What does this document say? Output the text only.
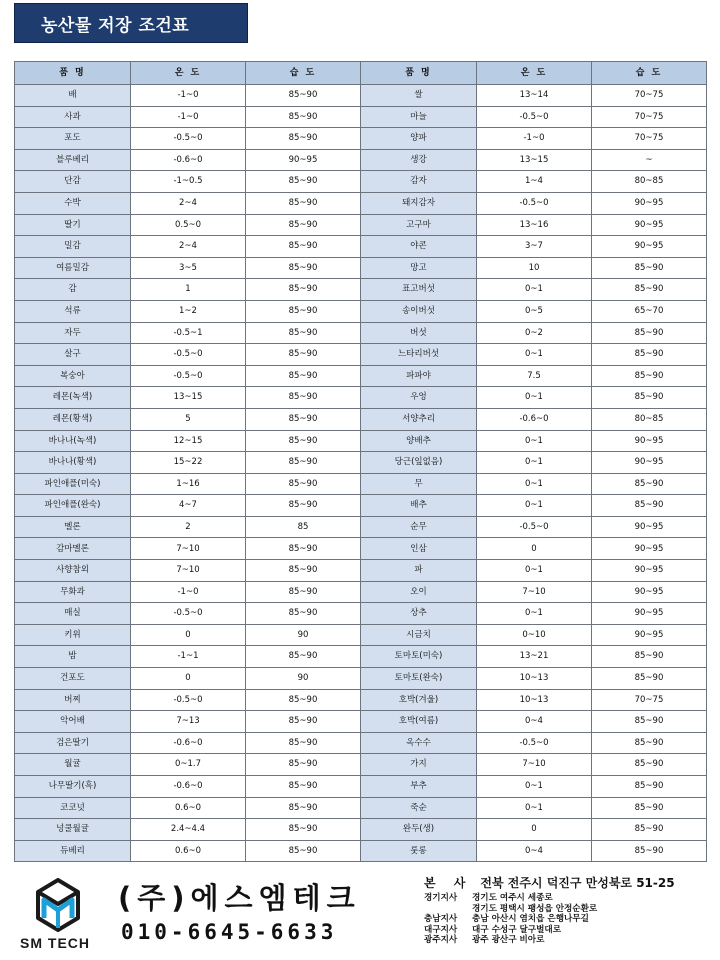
농산물 저장 조건표
품 명	온 도	습 도	품 명	온 도	습 도
배	-1~0	85~90	쌀	13~14	70~75
사과	-1~0	85~90	마늘	-0.5~0	70~75
포도	-0.5~0	85~90	양파	-1~0	70~75
블루베리	-0.6~0	90~95	생강	13~15	~
단감	-1~0.5	85~90	감자	1~4	80~85
수박	2~4	85~90	돼지감자	-0.5~0	90~95
딸기	0.5~0	85~90	고구마	13~16	90~95
밀감	2~4	85~90	야콘	3~7	90~95
여름밀감	3~5	85~90	망고	10	85~90
감	1	85~90	표고버섯	0~1	85~90
석류	1~2	85~90	송이버섯	0~5	65~70
자두	-0.5~1	85~90	버섯	0~2	85~90
살구	-0.5~0	85~90	느타리버섯	0~1	85~90
복숭아	-0.5~0	85~90	파파야	7.5	85~90
레몬(녹색)	13~15	85~90	우엉	0~1	85~90
레몬(황색)	5	85~90	서양추리	-0.6~0	80~85
바나나(녹색)	12~15	85~90	양배추	0~1	90~95
바나나(황색)	15~22	85~90	당근(잎없음)	0~1	90~95
파인애플(미숙)	1~16	85~90	무	0~1	85~90
파인애플(완숙)	4~7	85~90	배추	0~1	85~90
멜론	2	85	순무	-0.5~0	90~95
감마멜론	7~10	85~90	인삼	0	90~95
사향참외	7~10	85~90	파	0~1	90~95
무화과	-1~0	85~90	오이	7~10	90~95
매실	-0.5~0	85~90	상추	0~1	90~95
키위	0	90	시금치	0~10	90~95
밤	-1~1	85~90	토마토(미숙)	13~21	85~90
건포도	0	90	토마토(완숙)	10~13	85~90
버찌	-0.5~0	85~90	호박(겨울)	10~13	70~75
악어배	7~13	85~90	호박(여름)	0~4	85~90
검은딸기	-0.6~0	85~90	옥수수	-0.5~0	85~90
월귤	0~1.7	85~90	가지	7~10	85~90
나무딸기(흑)	-0.6~0	85~90	부추	0~1	85~90
코코넛	0.6~0	85~90	죽순	0~1	85~90
넝쿨월귤	2.4~4.4	85~90	완두(생)	0	85~90
듀베리	0.6~0	85~90	룻롱	0~4	85~90
SM TECH
(주)에스엠테크
010-6645-6633
본 사 전북 전주시 덕진구 만성북로 51-25
경기지사 경기도 여주시 세종로
경기도 평택시 팽성읍 안정순환로
충남지사 충남 아산시 염치읍 은행나무길
대구지사 대구 수성구 달구벌대로
광주지사 광주 광산구 비아로
